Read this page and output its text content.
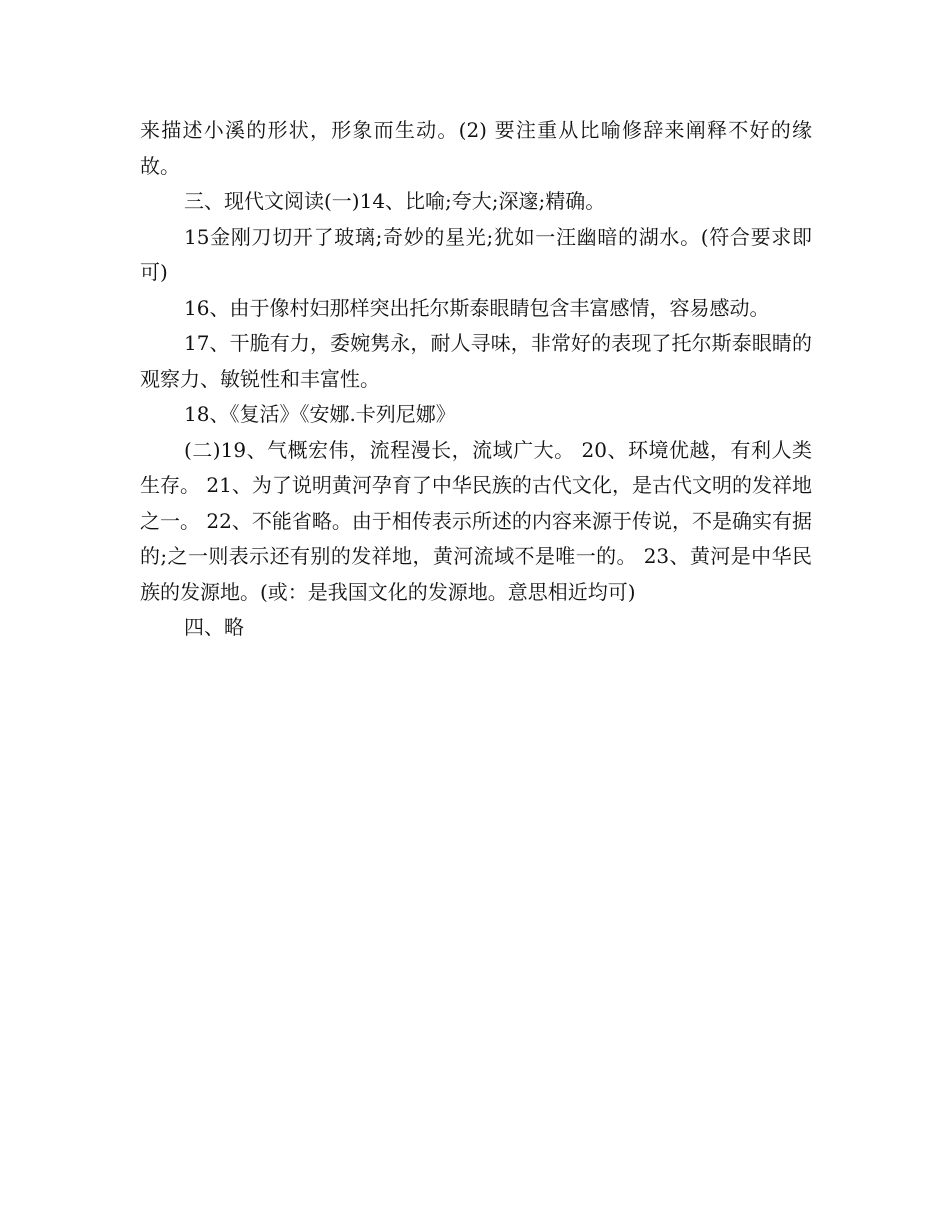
来描述小溪的形状，形象而生动。(2) 要注重从比喻修辞来阐释不好的缘故。

三、现代文阅读(一)14、比喻;夸大;深邃;精确。

15金刚刀切开了玻璃;奇妙的星光;犹如一汪幽暗的湖水。(符合要求即可)

16、由于像村妇那样突出托尔斯泰眼睛包含丰富感情，容易感动。

17、干脆有力，委婉隽永，耐人寻味，非常好的表现了托尔斯泰眼睛的观察力、敏锐性和丰富性。

18、《复活》《安娜.卡列尼娜》

(二)19、气概宏伟，流程漫长，流域广大。 20、环境优越，有利人类生存。 21、为了说明黄河孕育了中华民族的古代文化，是古代文明的发祥地之一。 22、不能省略。由于相传表示所述的内容来源于传说，不是确实有据的;之一则表示还有别的发祥地，黄河流域不是唯一的。 23、黄河是中华民族的发源地。(或：是我国文化的发源地。意思相近均可)

四、略
